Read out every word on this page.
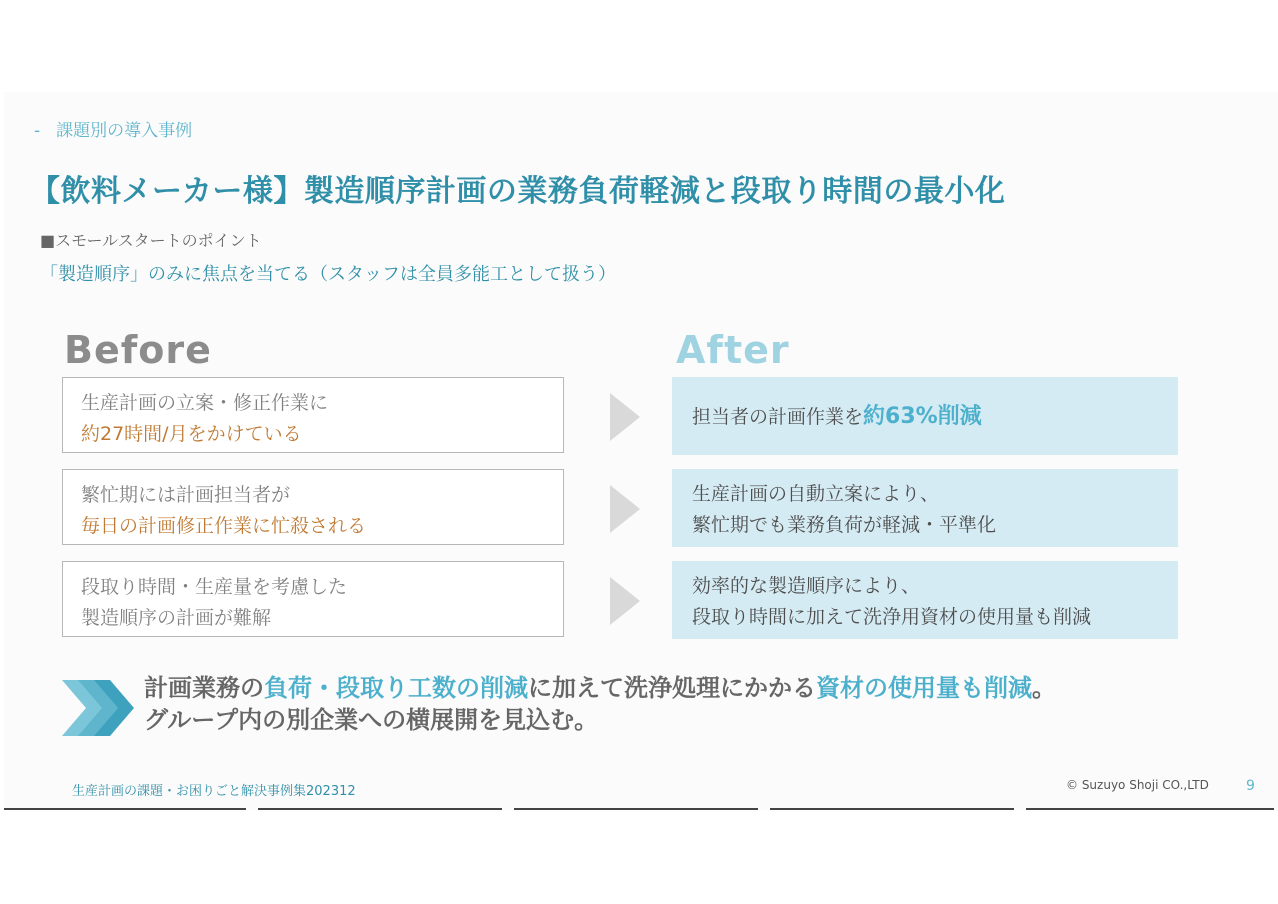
- 課題別の導入事例
【飲料メーカー様】製造順序計画の業務負荷軽減と段取り時間の最小化
■スモールスタートのポイント
「製造順序」のみに焦点を当てる（スタッフは全員多能工として扱う）
Before	After
生産計画の立案・修正作業に
約27時間/月をかけている
繁忙期には計画担当者が
毎日の計画修正作業に忙殺される
段取り時間・生産量を考慮した
製造順序の計画が難解
担当者の計画作業を約63%削減
生産計画の自動立案により、
繁忙期でも業務負荷が軽減・平準化
効率的な製造順序により、
段取り時間に加えて洗浄用資材の使用量も削減
計画業務の負荷・段取り工数の削減に加えて洗浄処理にかかる資材の使用量も削減。
グループ内の別企業への横展開を見込む。
生産計画の課題・お困りごと解決事例集202312	© Suzuyo Shoji CO.,LTD	9
